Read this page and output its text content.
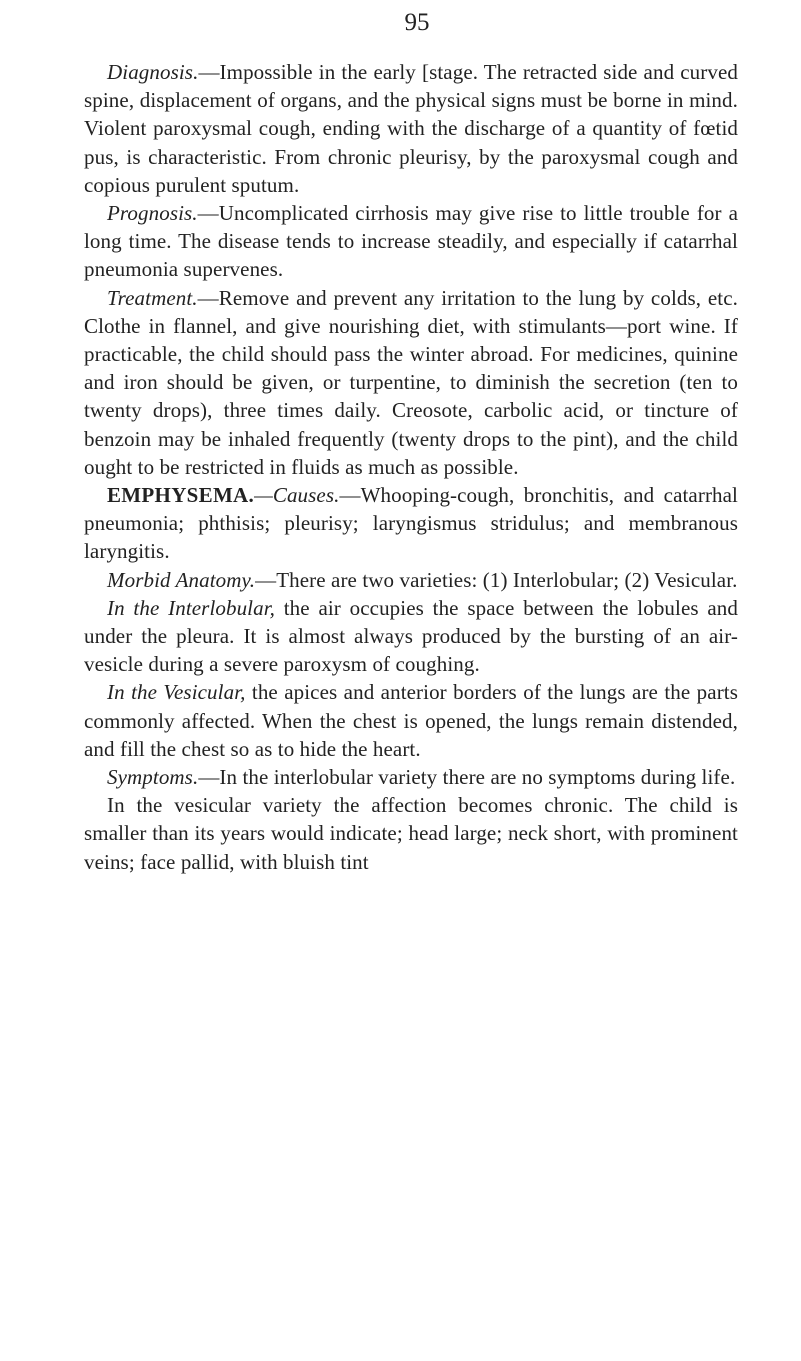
95

Diagnosis.—Impossible in the early [stage. The retracted side and curved spine, displacement of organs, and the physical signs must be borne in mind. Violent paroxysmal cough, ending with the discharge of a quantity of fœtid pus, is characteristic. From chronic pleurisy, by the paroxysmal cough and copious purulent sputum.

Prognosis.—Uncomplicated cirrhosis may give rise to little trouble for a long time. The disease tends to increase steadily, and especially if catarrhal pneumonia supervenes.

Treatment.—Remove and prevent any irritation to the lung by colds, etc. Clothe in flannel, and give nourishing diet, with stimulants—port wine. If practicable, the child should pass the winter abroad. For medicines, quinine and iron should be given, or turpentine, to diminish the secretion (ten to twenty drops), three times daily. Creosote, carbolic acid, or tincture of benzoin may be inhaled frequently (twenty drops to the pint), and the child ought to be restricted in fluids as much as possible.

EMPHYSEMA.—Causes.—Whooping-cough, bronchitis, and catarrhal pneumonia; phthisis; pleurisy; laryngismus stridulus; and membranous laryngitis.

Morbid Anatomy.—There are two varieties: (1) Interlobular; (2) Vesicular.

In the Interlobular, the air occupies the space between the lobules and under the pleura. It is almost always produced by the bursting of an air-vesicle during a severe paroxysm of coughing.

In the Vesicular, the apices and anterior borders of the lungs are the parts commonly affected. When the chest is opened, the lungs remain distended, and fill the chest so as to hide the heart.

Symptoms.—In the interlobular variety there are no symptoms during life.

In the vesicular variety the affection becomes chronic. The child is smaller than its years would indicate; head large; neck short, with prominent veins; face pallid, with bluish tint
